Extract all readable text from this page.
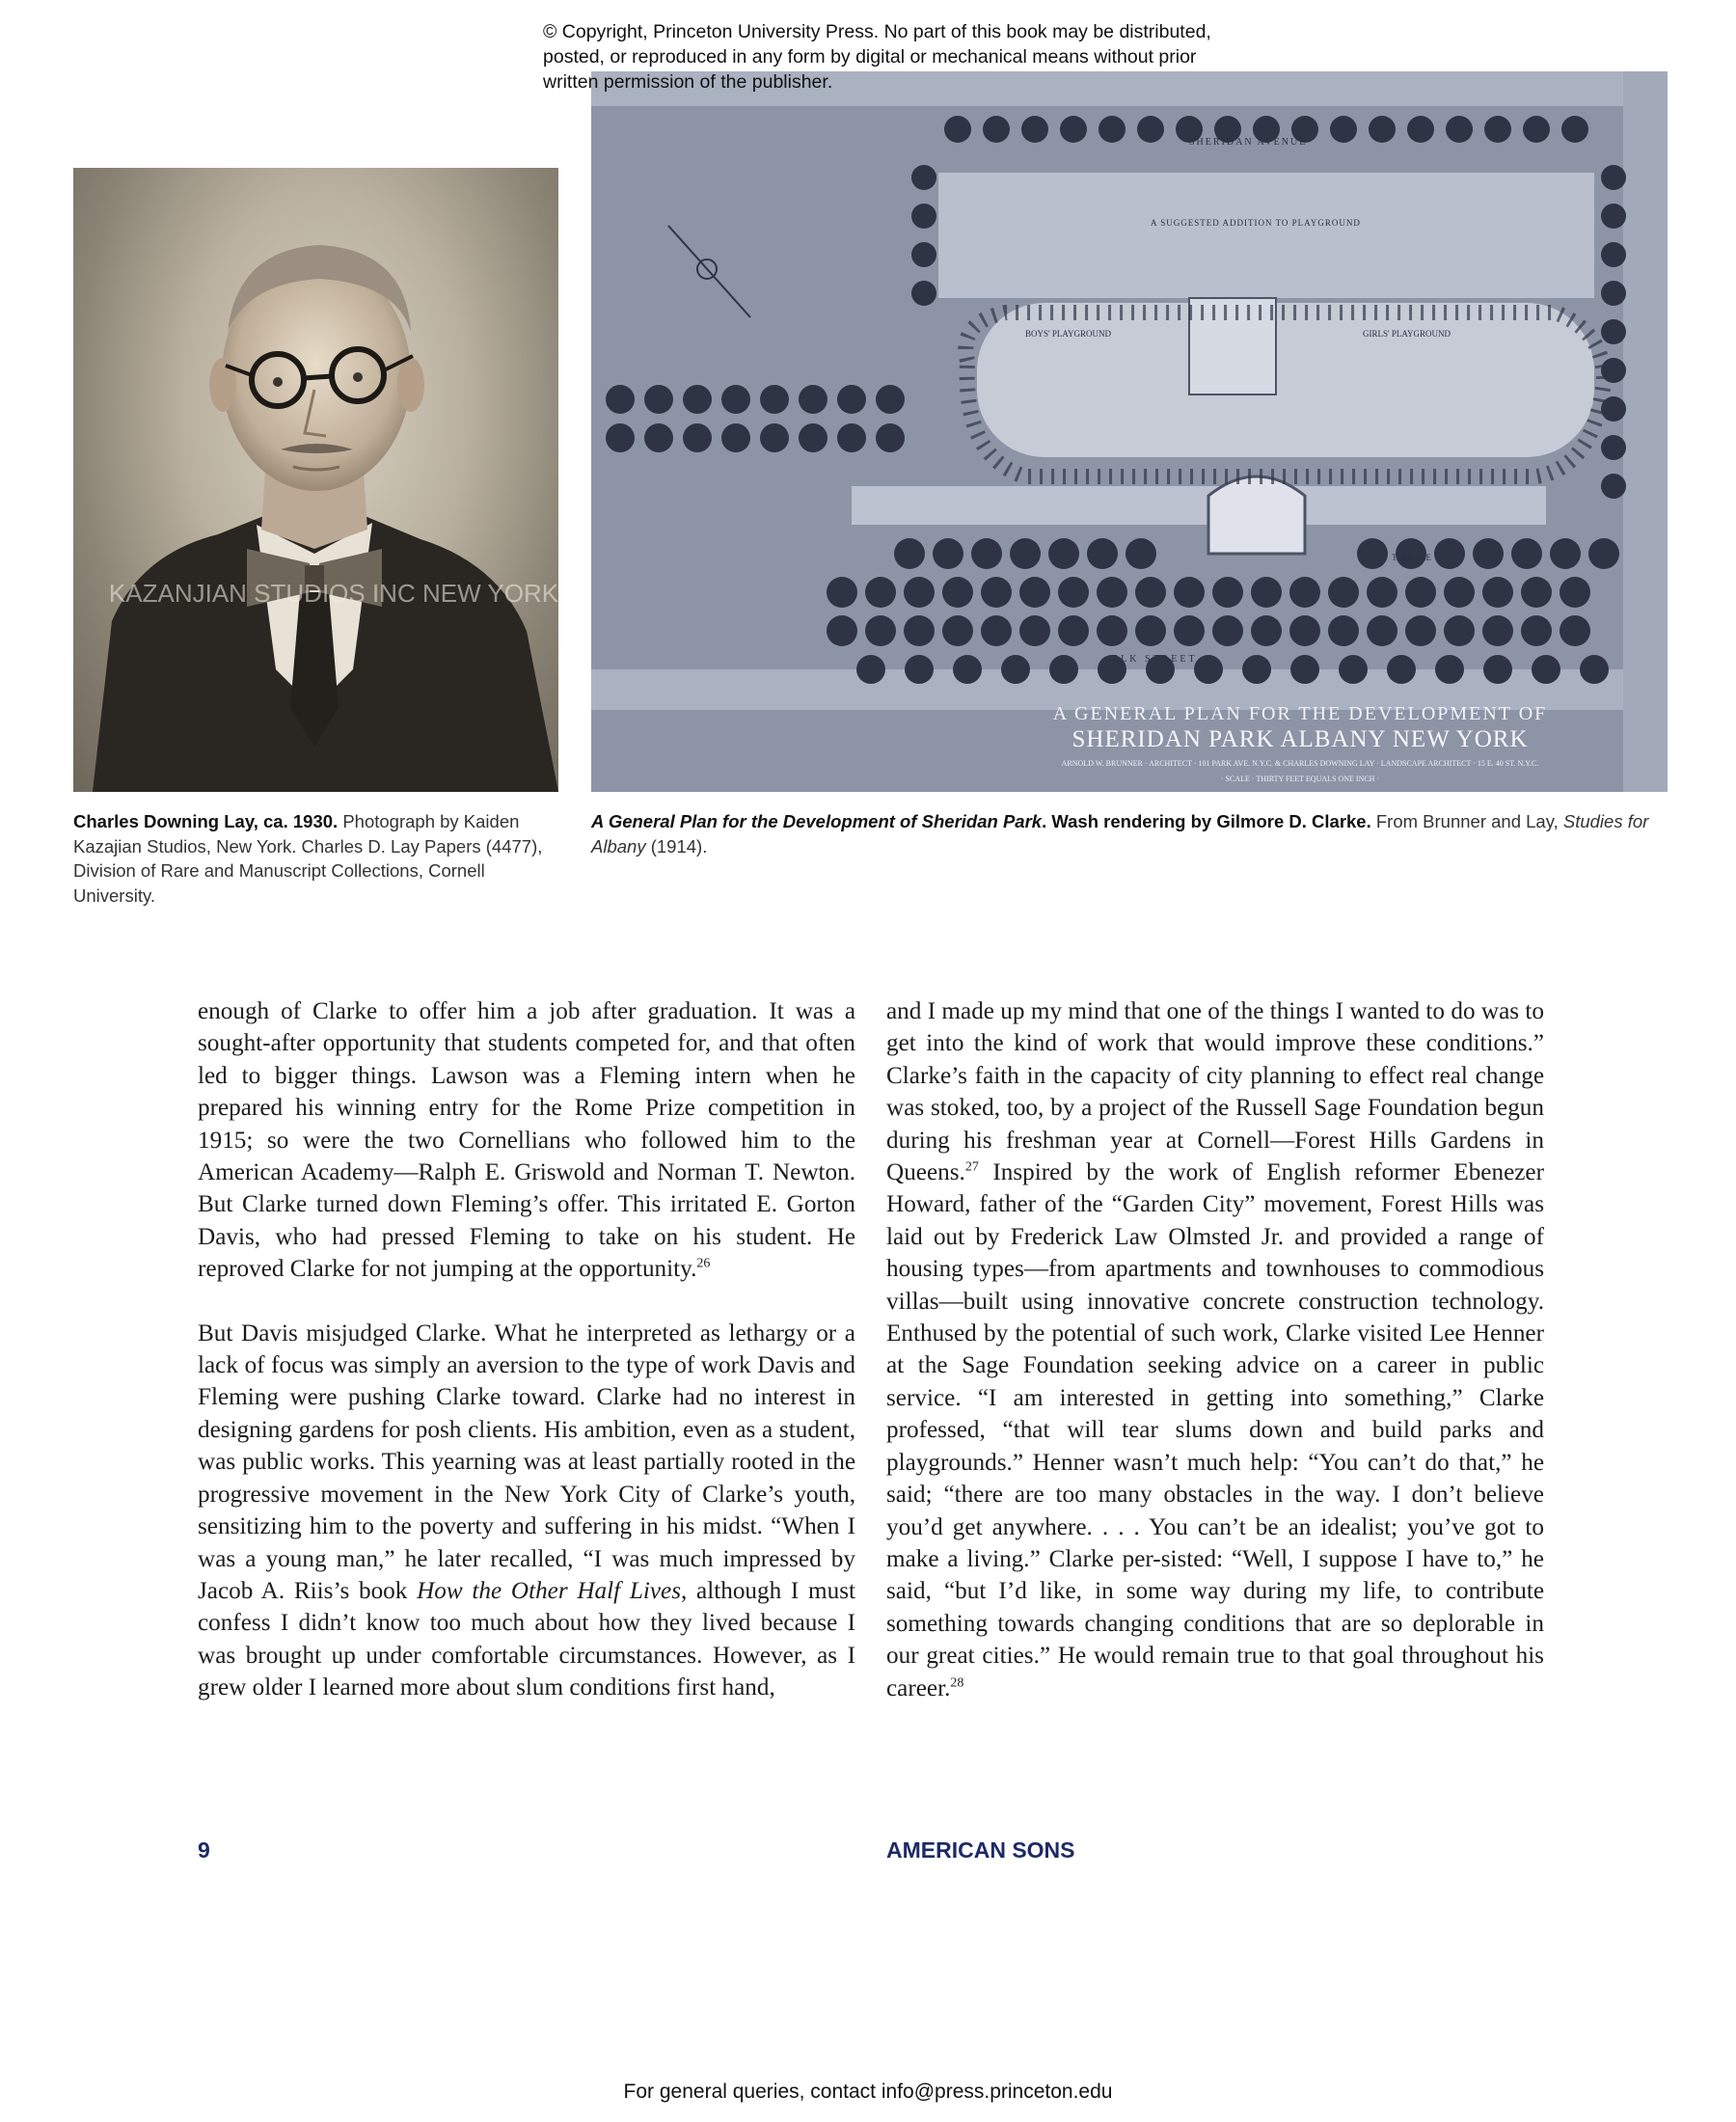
© Copyright, Princeton University Press. No part of this book may be distributed, posted, or reproduced in any form by digital or mechanical means without prior written permission of the publisher.
KAZANJIAN STUDIOS INC NEW YORK
SHERIDAN AVENUE
A SUGGESTED ADDITION TO PLAYGROUND
BOYS' PLAYGROUND	GIRLS' PLAYGROUND
TERRACE
ELK STREET
A GENERAL PLAN FOR THE DEVELOPMENT OF
SHERIDAN PARK ALBANY NEW YORK
ARNOLD W. BRUNNER · ARCHITECT · 101 PARK AVE. N.Y.C. & CHARLES DOWNING LAY · LANDSCAPE ARCHITECT · 15 E. 40 ST. N.Y.C.
· SCALE · THIRTY FEET EQUALS ONE INCH ·
Charles Downing Lay, ca. 1930. Photograph by Kaiden Kazajian Studios, New York. Charles D. Lay Papers (4477), Division of Rare and Manuscript Collections, Cornell University.
A General Plan for the Development of Sheridan Park. Wash rendering by Gilmore D. Clarke. From Brunner and Lay, Studies for Albany (1914).

enough of Clarke to offer him a job after graduation. It was a sought-after opportunity that students competed for, and that often led to bigger things. Lawson was a Fleming intern when he prepared his winning entry for the Rome Prize competition in 1915; so were the two Cornellians who followed him to the American Academy—Ralph E. Griswold and Norman T. Newton. But Clarke turned down Fleming’s offer. This irritated E. Gorton Davis, who had pressed Fleming to take on his student. He reproved Clarke for not jumping at the opportunity.$^{26}$

But Davis misjudged Clarke. What he interpreted as lethargy or a lack of focus was simply an aversion to the type of work Davis and Fleming were pushing Clarke toward. Clarke had no interest in designing gardens for posh clients. His ambition, even as a student, was public works. This yearning was at least partially rooted in the progressive movement in the New York City of Clarke’s youth, sensitizing him to the poverty and suffering in his midst. “When I was a young man,” he later recalled, “I was much impressed by Jacob A. Riis’s book How the Other Half Lives, although I must confess I didn’t know too much about how they lived because I was brought up under comfortable circumstances. However, as I grew older I learned more about slum conditions first hand,

and I made up my mind that one of the things I wanted to do was to get into the kind of work that would improve these conditions.” Clarke’s faith in the capacity of city planning to effect real change was stoked, too, by a project of the Russell Sage Foundation begun during his freshman year at Cornell—Forest Hills Gardens in Queens.$^{27}$ Inspired by the work of English reformer Ebenezer Howard, father of the “Garden City” movement, Forest Hills was laid out by Frederick Law Olmsted Jr. and provided a range of housing types—from apartments and townhouses to commodious villas—built using innovative concrete construction technology. Enthused by the potential of such work, Clarke visited Lee Henner at the Sage Foundation seeking advice on a career in public service. “I am interested in getting into something,” Clarke professed, “that will tear slums down and build parks and playgrounds.” Henner wasn’t much help: “You can’t do that,” he said; “there are too many obstacles in the way. I don’t believe you’d get anywhere. . . . You can’t be an idealist; you’ve got to make a living.” Clarke per-sisted: “Well, I suppose I have to,” he said, “but I’d like, in some way during my life, to contribute something towards changing conditions that are so deplorable in our great cities.” He would remain true to that goal throughout his career.$^{28}$

9	AMERICAN SONS
For general queries, contact info@press.princeton.edu
